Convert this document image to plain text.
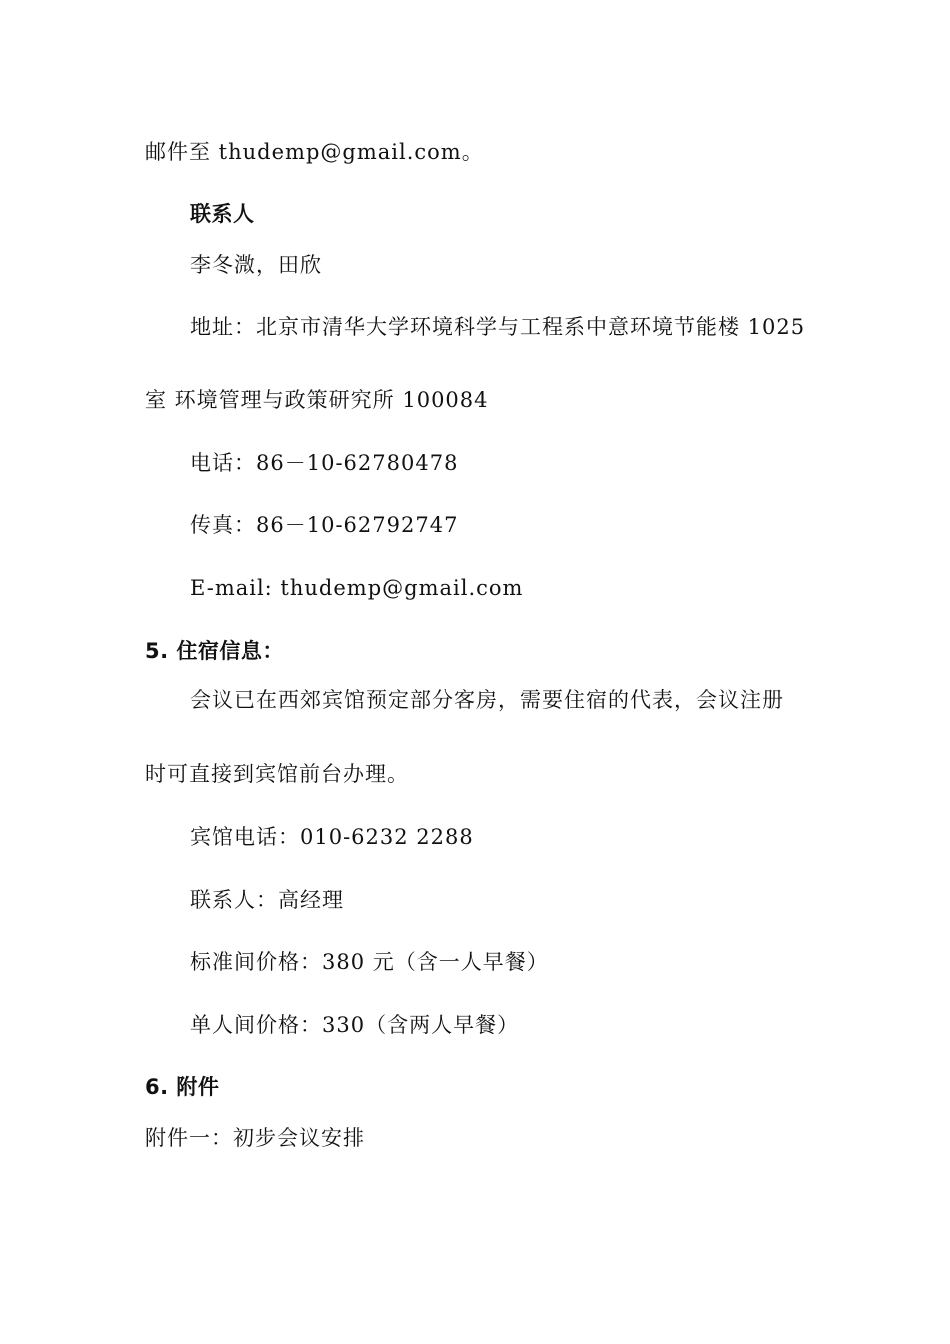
邮件至 thudemp@gmail.com。
联系人
李冬溦，田欣
地址：北京市清华大学环境科学与工程系中意环境节能楼 1025
室 环境管理与政策研究所 100084
电话：86－10-62780478
传真：86－10-62792747
E-mail: thudemp@gmail.com
5. 住宿信息：
会议已在西郊宾馆预定部分客房，需要住宿的代表，会议注册
时可直接到宾馆前台办理。
宾馆电话：010-6232 2288
联系人：高经理
标准间价格：380 元（含一人早餐）
单人间价格：330（含两人早餐）
6. 附件
附件一：初步会议安排
